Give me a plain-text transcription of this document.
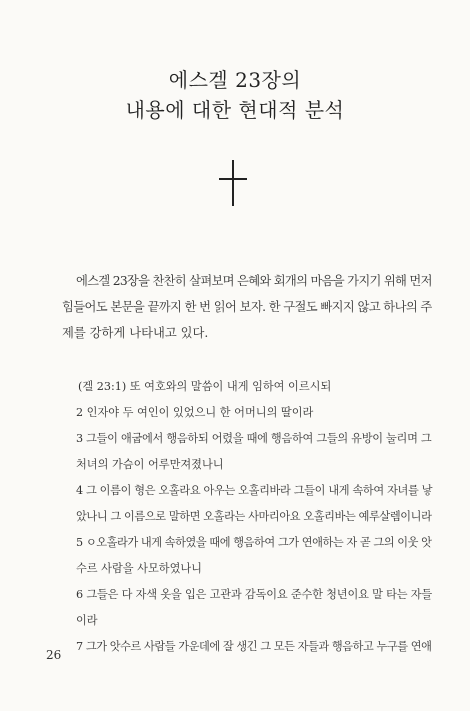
에스겔 23장의
내용에 대한 현대적 분석
에스겔 23장을 찬찬히 살펴보며 은혜와 회개의 마음을 가지기 위해 먼저
힘들어도 본문을 끝까지 한 번 읽어 보자. 한 구절도 빠지지 않고 하나의 주
제를 강하게 나타내고 있다.
(겔 23:1) 또 여호와의 말씀이 내게 임하여 이르시되
2 인자야 두 여인이 있었으니 한 어머니의 딸이라
3 그들이 애굽에서 행음하되 어렸을 때에 행음하여 그들의 유방이 눌리며 그
처녀의 가슴이 어루만져졌나니
4 그 이름이 형은 오홀라요 아우는 오홀리바라 그들이 내게 속하여 자녀를 낳
았나니 그 이름으로 말하면 오홀라는 사마리아요 오홀리바는 예루살렘이니라
5 ㅇ오홀라가 내게 속하였을 때에 행음하여 그가 연애하는 자 곧 그의 이웃 앗
수르 사람을 사모하였나니
6 그들은 다 자색 옷을 입은 고관과 감독이요 준수한 청년이요 말 타는 자들
이라
7 그가 앗수르 사람들 가운데에 잘 생긴 그 모든 자들과 행음하고 누구를 연애
26
